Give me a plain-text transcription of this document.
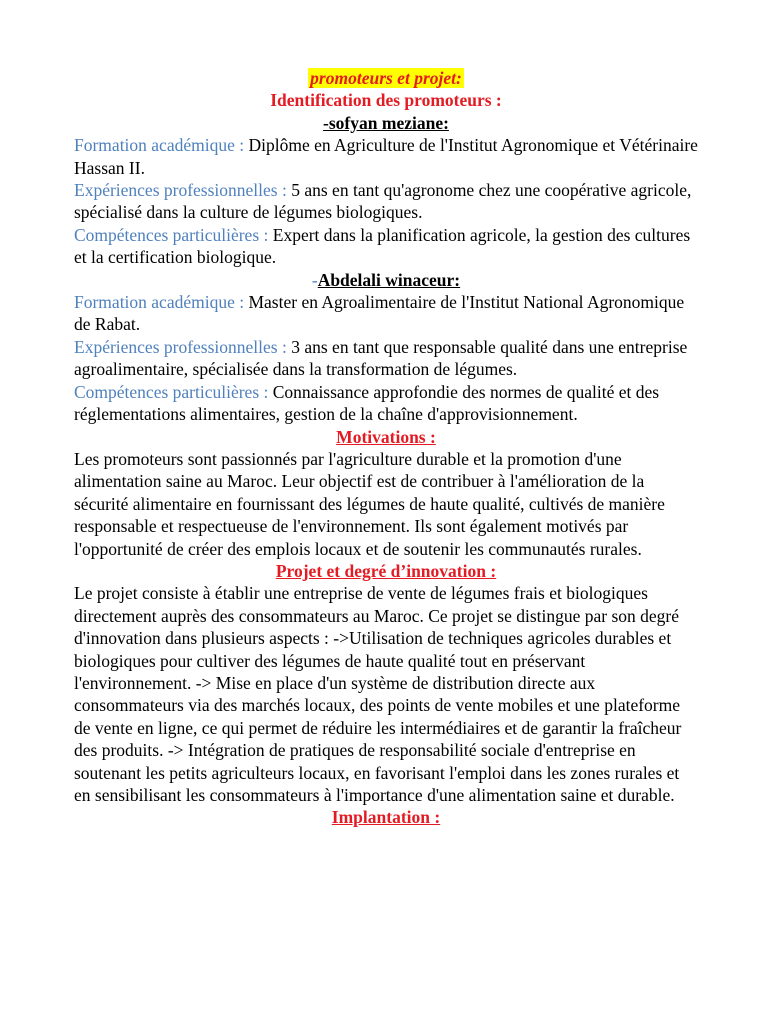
promoteurs et projet:
Identification des promoteurs :
-sofyan meziane:

Formation académique : Diplôme en Agriculture de l'Institut Agronomique et Vétérinaire Hassan II.

Expériences professionnelles : 5 ans en tant qu'agronome chez une coopérative agricole, spécialisé dans la culture de légumes biologiques.

Compétences particulières : Expert dans la planification agricole, la gestion des cultures et la certification biologique.

-Abdelali winaceur:

Formation académique : Master en Agroalimentaire de l'Institut National Agronomique de Rabat.

Expériences professionnelles : 3 ans en tant que responsable qualité dans une entreprise agroalimentaire, spécialisée dans la transformation de légumes.

Compétences particulières : Connaissance approfondie des normes de qualité et des réglementations alimentaires, gestion de la chaîne d'approvisionnement.

Motivations :

Les promoteurs sont passionnés par l'agriculture durable et la promotion d'une alimentation saine au Maroc. Leur objectif est de contribuer à l'amélioration de la sécurité alimentaire en fournissant des légumes de haute qualité, cultivés de manière responsable et respectueuse de l'environnement. Ils sont également motivés par l'opportunité de créer des emplois locaux et de soutenir les communautés rurales.

Projet et degré d’innovation :

Le projet consiste à établir une entreprise de vente de légumes frais et biologiques directement auprès des consommateurs au Maroc. Ce projet se distingue par son degré d'innovation dans plusieurs aspects : ->Utilisation de techniques agricoles durables et biologiques pour cultiver des légumes de haute qualité tout en préservant l'environnement. -> Mise en place d'un système de distribution directe aux consommateurs via des marchés locaux, des points de vente mobiles et une plateforme de vente en ligne, ce qui permet de réduire les intermédiaires et de garantir la fraîcheur des produits. -> Intégration de pratiques de responsabilité sociale d'entreprise en soutenant les petits agriculteurs locaux, en favorisant l'emploi dans les zones rurales et en sensibilisant les consommateurs à l'importance d'une alimentation saine et durable.

Implantation :
